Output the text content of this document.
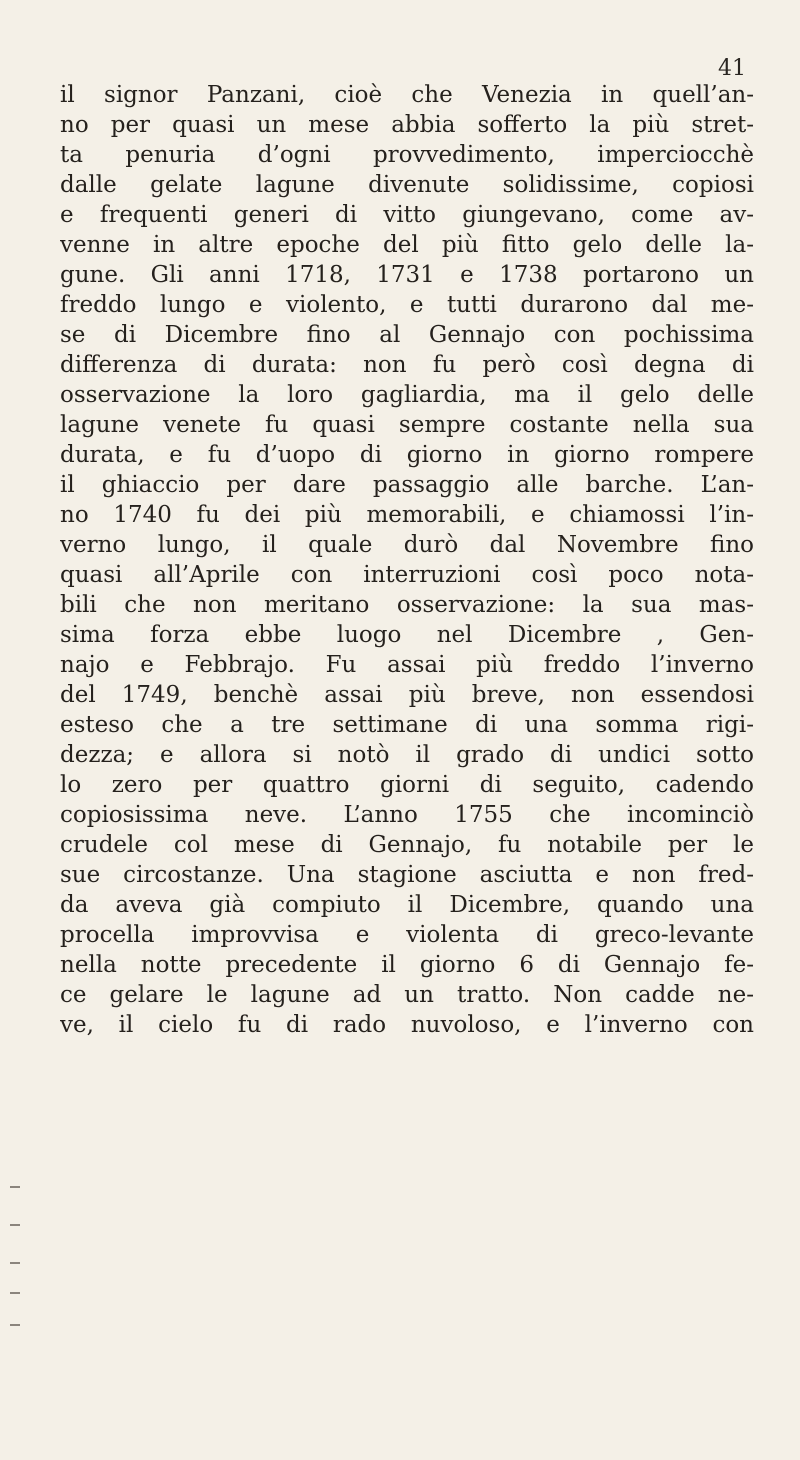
41
il signor Panzani, cioè che Venezia in quell’an-
no per quasi un mese abbia sofferto la più stret-
ta penuria d’ogni provvedimento, imperciocchè
dalle gelate lagune divenute solidissime, copiosi
e frequenti generi di vitto giungevano, come av-
venne in altre epoche del più fitto gelo delle la-
gune. Gli anni 1718, 1731 e 1738 portarono un
freddo lungo e violento, e tutti durarono dal me-
se di Dicembre fino al Gennajo con pochissima
differenza di durata: non fu però così degna di
osservazione la loro gagliardia, ma il gelo delle
lagune venete fu quasi sempre costante nella sua
durata, e fu d’uopo di giorno in giorno rompere
il ghiaccio per dare passaggio alle barche. L’an-
no 1740 fu dei più memorabili, e chiamossi l’in-
verno lungo, il quale durò dal Novembre fino
quasi all’Aprile con interruzioni così poco nota-
bili che non meritano osservazione: la sua mas-
sima forza ebbe luogo nel Dicembre , Gen-
najo e Febbrajo. Fu assai più freddo l’inverno
del 1749, benchè assai più breve, non essendosi
esteso che a tre settimane di una somma rigi-
dezza; e allora si notò il grado di undici sotto
lo zero per quattro giorni di seguito, cadendo
copiosissima neve. L’anno 1755 che incominciò
crudele col mese di Gennajo, fu notabile per le
sue circostanze. Una stagione asciutta e non fred-
da aveva già compiuto il Dicembre, quando una
procella improvvisa e violenta di greco-levante
nella notte precedente il giorno 6 di Gennajo fe-
ce gelare le lagune ad un tratto. Non cadde ne-
ve, il cielo fu di rado nuvoloso, e l’inverno con
